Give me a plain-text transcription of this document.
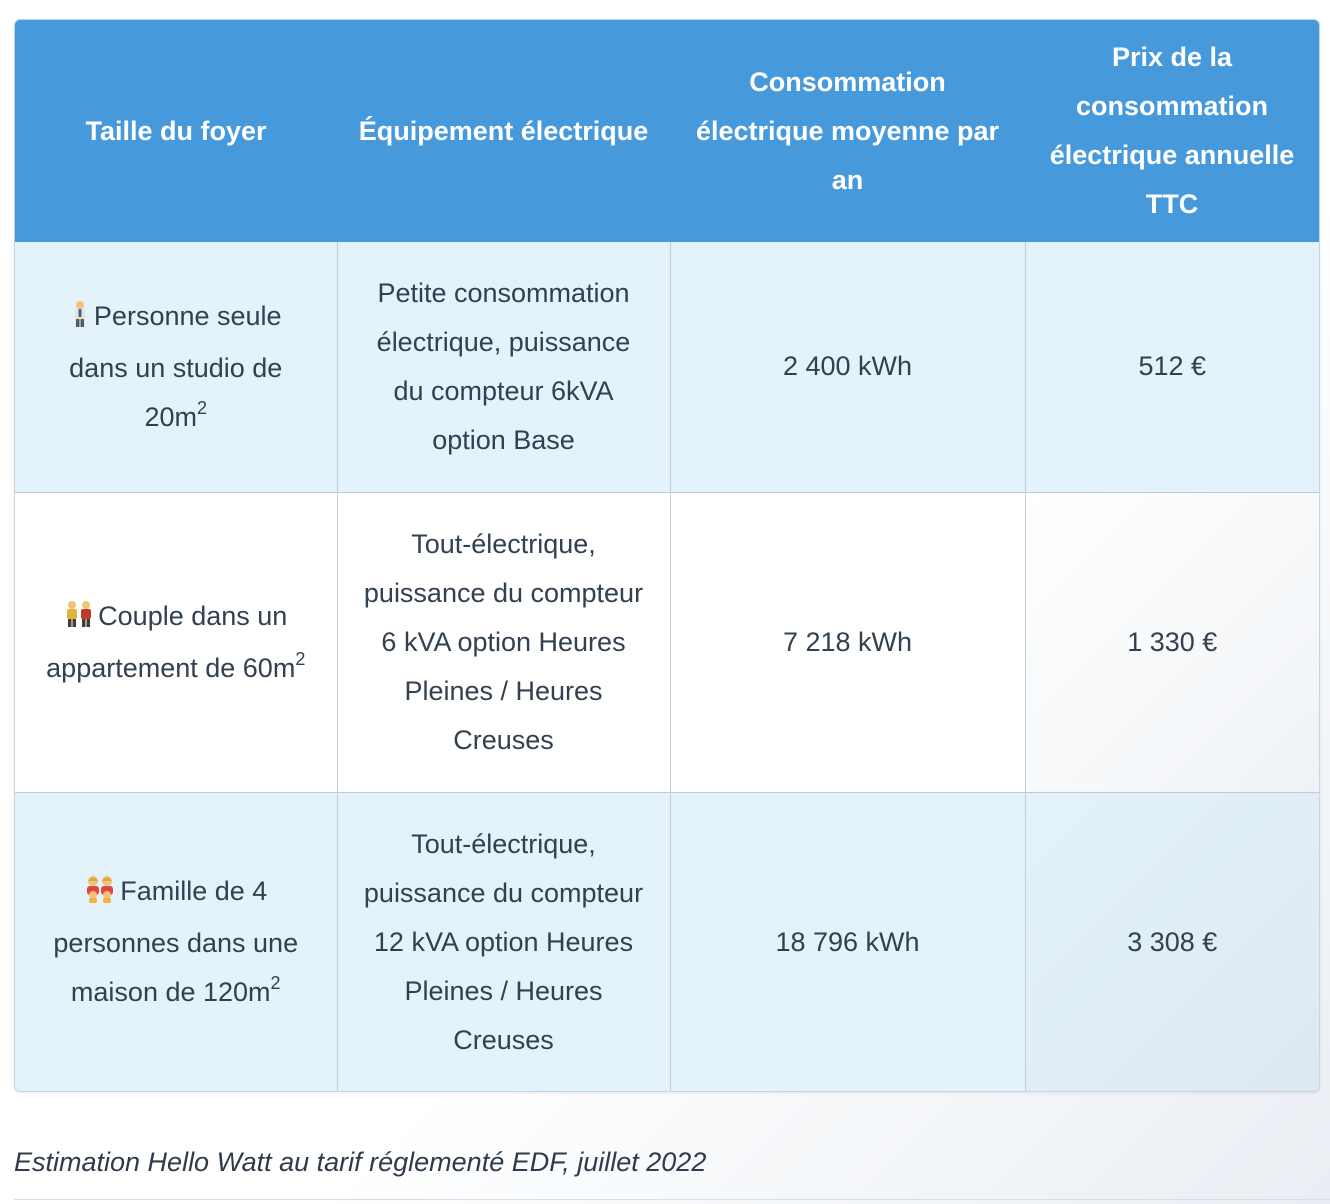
Taille du foyer	Équipement électrique	Consommation électrique moyenne par an	Prix de la consommation électrique annuelle TTC
Personne seule dans un studio de $20m^2$	Petite consommation électrique, puissance du compteur 6kVA option Base	2 400 kWh	512 €
Couple dans un appartement de $60m^2$	Tout-électrique, puissance du compteur 6 kVA option Heures Pleines / Heures Creuses	7 218 kWh	1 330 €
Famille de 4 personnes dans une maison de $120m^2$	Tout-électrique, puissance du compteur 12 kVA option Heures Pleines / Heures Creuses	18 796 kWh	3 308 €
Estimation Hello Watt au tarif réglementé EDF, juillet 2022
